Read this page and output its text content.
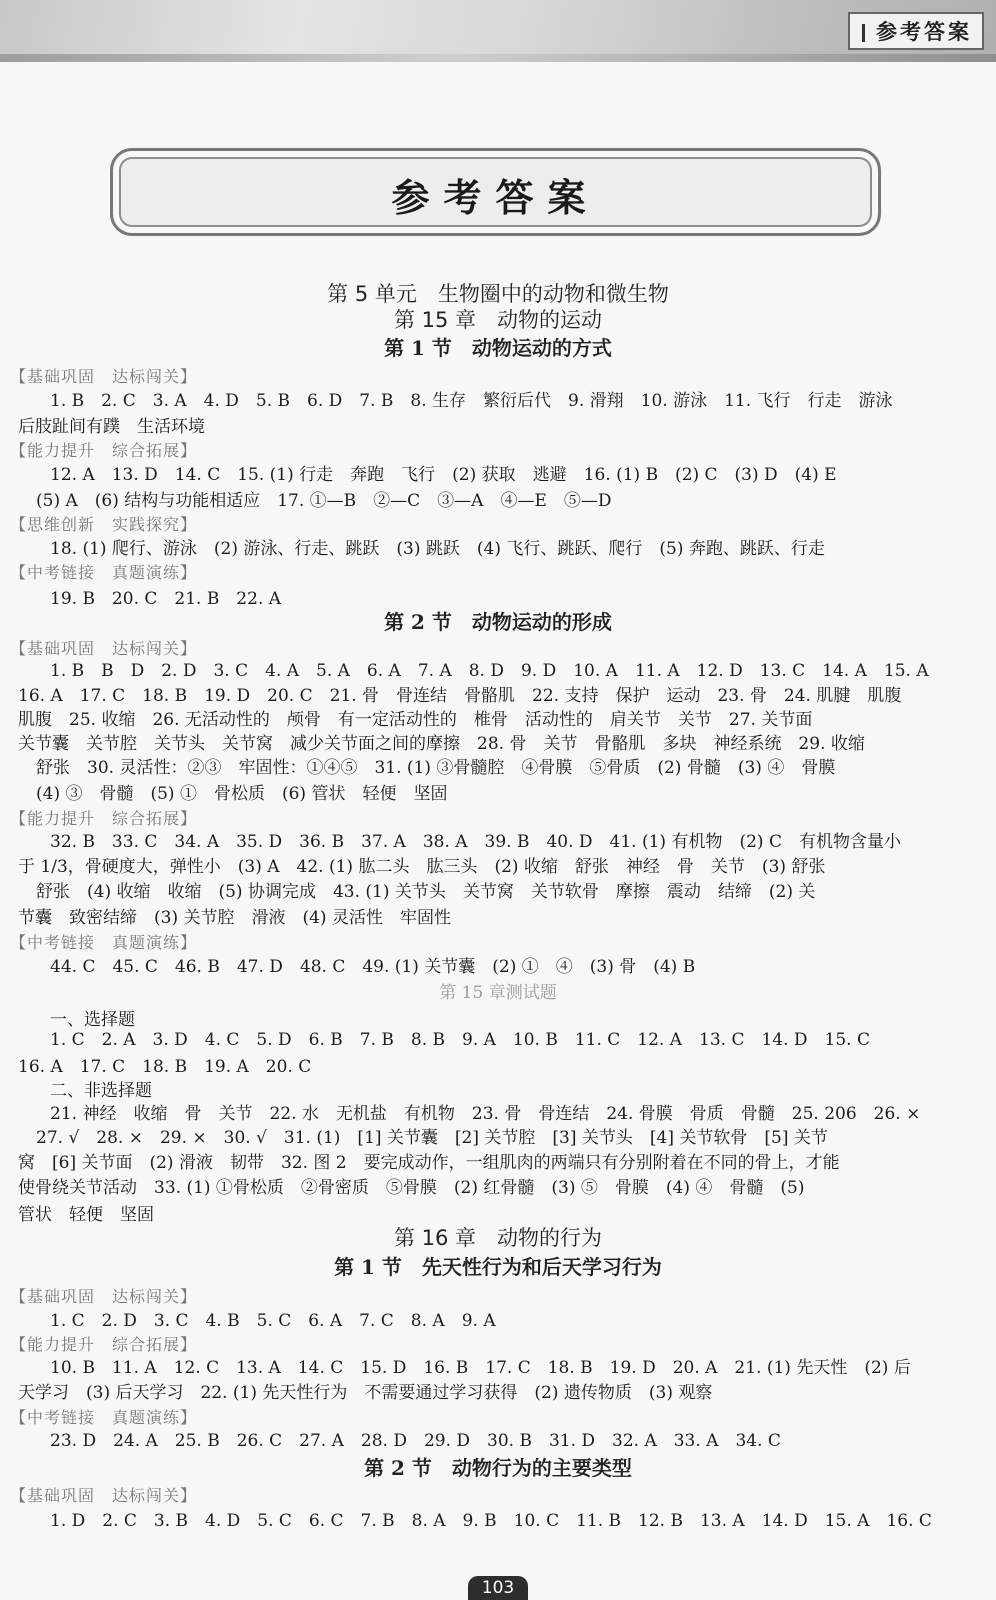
参考答案
参考答案
第 5 单元　生物圈中的动物和微生物
第 15 章　动物的运动
第 1 节　动物运动的方式
【基础巩固　达标闯关】
1. B　2. C　3. A　4. D　5. B　6. D　7. B　8. 生存　繁衍后代　9. 滑翔　10. 游泳　11. 飞行　行走　游泳
后肢趾间有蹼　生活环境
【能力提升　综合拓展】
12. A　13. D　14. C　15. (1) 行走　奔跑　飞行　(2) 获取　逃避　16. (1) B　(2) C　(3) D　(4) E
(5) A　(6) 结构与功能相适应　17. ①—B　②—C　③—A　④—E　⑤—D
【思维创新　实践探究】
18. (1) 爬行、游泳　(2) 游泳、行走、跳跃　(3) 跳跃　(4) 飞行、跳跃、爬行　(5) 奔跑、跳跃、行走
【中考链接　真题演练】
19. B　20. C　21. B　22. A
第 2 节　动物运动的形成
【基础巩固　达标闯关】
1. B　B　D　2. D　3. C　4. A　5. A　6. A　7. A　8. D　9. D　10. A　11. A　12. D　13. C　14. A　15. A
16. A　17. C　18. B　19. D　20. C　21. 骨　骨连结　骨骼肌　22. 支持　保护　运动　23. 骨　24. 肌腱　肌腹
肌腹　25. 收缩　26. 无活动性的　颅骨　有一定活动性的　椎骨　活动性的　肩关节　关节　27. 关节面
关节囊　关节腔　关节头　关节窝　减少关节面之间的摩擦　28. 骨　关节　骨骼肌　多块　神经系统　29. 收缩
舒张　30. 灵活性：②③　牢固性：①④⑤　31. (1) ③骨髓腔　④骨膜　⑤骨质　(2) 骨髓　(3) ④　骨膜
(4) ③　骨髓　(5) ①　骨松质　(6) 管状　轻便　坚固
【能力提升　综合拓展】
32. B　33. C　34. A　35. D　36. B　37. A　38. A　39. B　40. D　41. (1) 有机物　(2) C　有机物含量小
于 1/3，骨硬度大，弹性小　(3) A　42. (1) 肱二头　肱三头　(2) 收缩　舒张　神经　骨　关节　(3) 舒张
舒张　(4) 收缩　收缩　(5) 协调完成　43. (1) 关节头　关节窝　关节软骨　摩擦　震动　结缔　(2) 关
节囊　致密结缔　(3) 关节腔　滑液　(4) 灵活性　牢固性
【中考链接　真题演练】
44. C　45. C　46. B　47. D　48. C　49. (1) 关节囊　(2) ①　④　(3) 骨　(4) B
第 15 章测试题
一、选择题
1. C　2. A　3. D　4. C　5. D　6. B　7. B　8. B　9. A　10. B　11. C　12. A　13. C　14. D　15. C
16. A　17. C　18. B　19. A　20. C
二、非选择题
21. 神经　收缩　骨　关节　22. 水　无机盐　有机物　23. 骨　骨连结　24. 骨膜　骨质　骨髓　25. 206　26. ×
27. √　28. ×　29. ×　30. √　31. (1)　[1] 关节囊　[2] 关节腔　[3] 关节头　[4] 关节软骨　[5] 关节
窝　[6] 关节面　(2) 滑液　韧带　32. 图 2　要完成动作，一组肌肉的两端只有分别附着在不同的骨上，才能
使骨绕关节活动　33. (1) ①骨松质　②骨密质　⑤骨膜　(2) 红骨髓　(3) ⑤　骨膜　(4) ④　骨髓　(5)
管状　轻便　坚固
第 16 章　动物的行为
第 1 节　先天性行为和后天学习行为
【基础巩固　达标闯关】
1. C　2. D　3. C　4. B　5. C　6. A　7. C　8. A　9. A
【能力提升　综合拓展】
10. B　11. A　12. C　13. A　14. C　15. D　16. B　17. C　18. B　19. D　20. A　21. (1) 先天性　(2) 后
天学习　(3) 后天学习　22. (1) 先天性行为　不需要通过学习获得　(2) 遗传物质　(3) 观察
【中考链接　真题演练】
23. D　24. A　25. B　26. C　27. A　28. D　29. D　30. B　31. D　32. A　33. A　34. C
第 2 节　动物行为的主要类型
【基础巩固　达标闯关】
1. D　2. C　3. B　4. D　5. C　6. C　7. B　8. A　9. B　10. C　11. B　12. B　13. A　14. D　15. A　16. C
103
